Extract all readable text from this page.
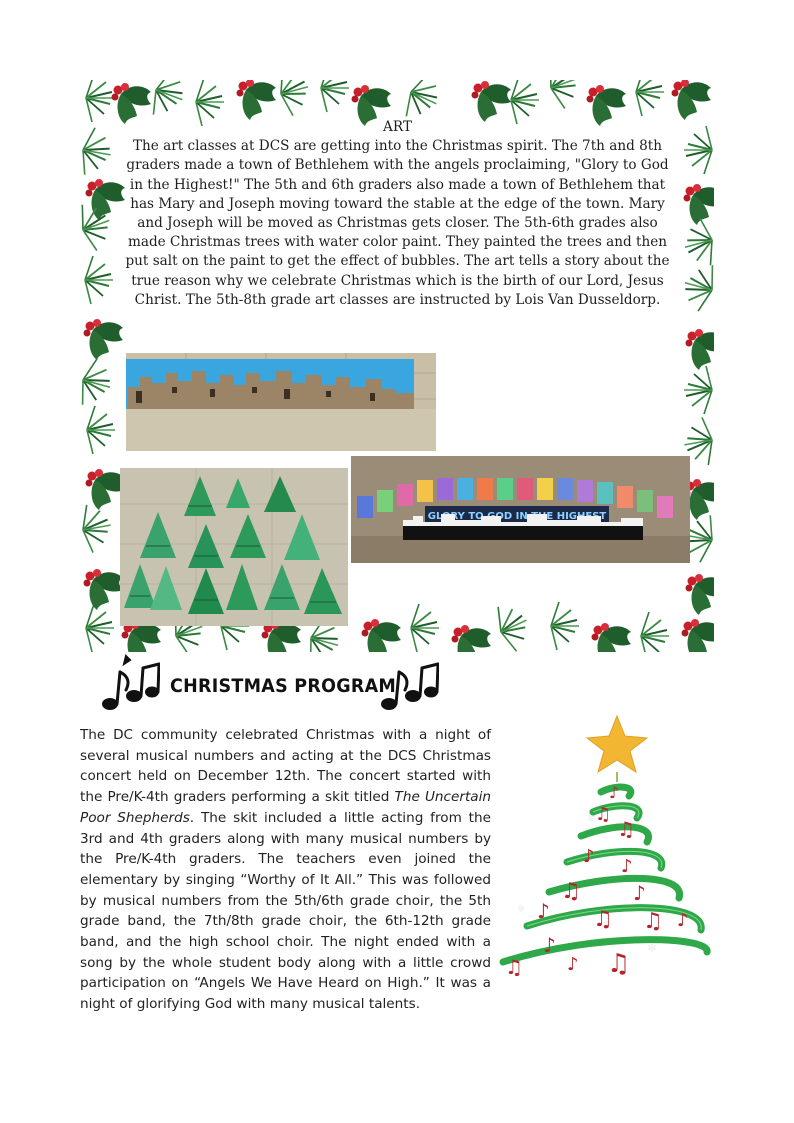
ART
The art classes at DCS are getting into the Christmas spirit. The 7th and 8th graders made a town of Bethlehem with the angels proclaiming, "Glory to God in the Highest!" The 5th and 6th graders also made a town of Bethlehem that has Mary and Joseph moving toward the stable at the edge of the town. Mary and Joseph will be moved as Christmas gets closer. The 5th-6th grades also made Christmas trees with water color paint. They painted the trees and then put salt on the paint to get the effect of bubbles. The art tells a story about the true reason why we celebrate Christmas which is the birth of our Lord, Jesus Christ. The 5th-8th grade art classes are instructed by Lois Van Dusseldorp.

GLORY TO GOD IN THE HIGHEST

CHRISTMAS PROGRAM

The DC community celebrated Christmas with a night of several musical numbers and acting at the DCS Christmas concert held on December 12th. The concert started with the Pre/K-4th graders performing a skit titled The Uncertain Poor Shepherds. The skit included a little acting from the 3rd and 4th graders along with many musical numbers by the Pre/K-4th graders. The teachers even joined the elementary by singing “Worthy of It All.” This was followed by musical numbers from the 5th/6th grade choir, the 5th grade band, the 7th/8th grade choir, the 6th-12th grade band, and the high school choir. The night ended with a song by the whole student body along with a little crowd participation on “Angels We Have Heard on High.” It was a night of glorifying God with many musical talents.

❄
❄
❄
❄
♪
♫
♫
♪ ♪
♫	♪
♪ ♫ ♫ ♪
♪
♫ ♪ ♫
